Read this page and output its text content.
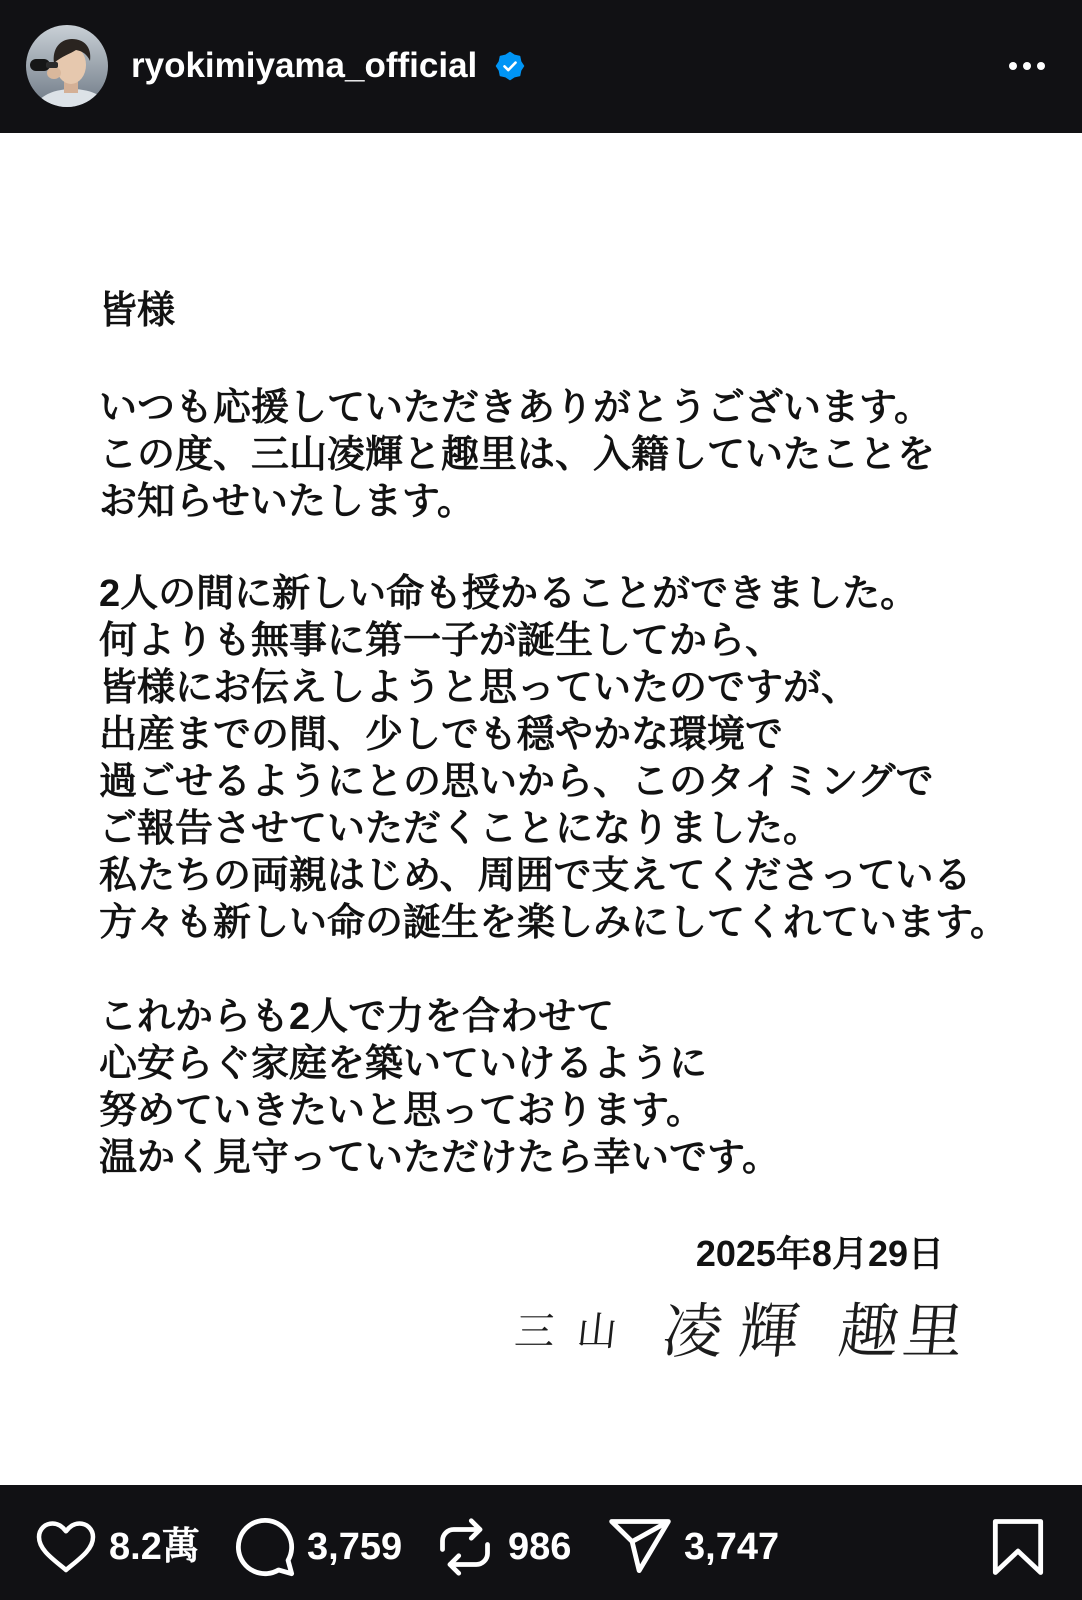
ryokimiyama_official
皆様
いつも応援していただきありがとうございます。
この度、三山凌輝と趣里は、入籍していたことを
お知らせいたします。
2人の間に新しい命も授かることができました。
何よりも無事に第一子が誕生してから、
皆様にお伝えしようと思っていたのですが、
出産までの間、少しでも穏やかな環境で
過ごせるようにとの思いから、このタイミングで
ご報告させていただくことになりました。
私たちの両親はじめ、周囲で支えてくださっている
方々も新しい命の誕生を楽しみにしてくれています。
これからも2人で力を合わせて
心安らぐ家庭を築いていけるように
努めていきたいと思っております。
温かく見守っていただけたら幸いです。
2025年8月29日
三山 凌輝 趣里
8.2萬	3,759	986	3,747
